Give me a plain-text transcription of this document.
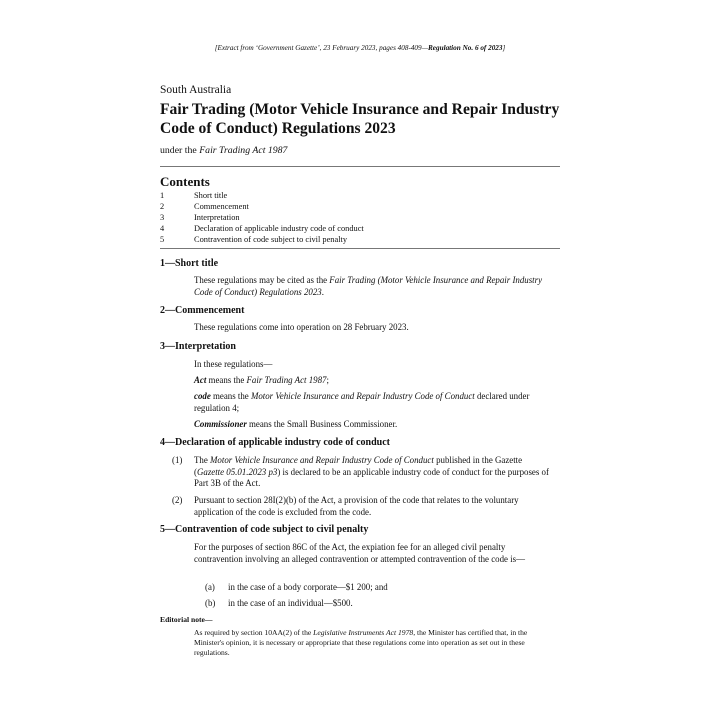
[Extract from ‘Government Gazette’, 23 February 2023, pages 408-409—Regulation No. 6 of 2023]
South Australia
Fair Trading (Motor Vehicle Insurance and Repair Industry Code of Conduct) Regulations 2023
under the Fair Trading Act 1987
Contents
1	Short title
2	Commencement
3	Interpretation
4	Declaration of applicable industry code of conduct
5	Contravention of code subject to civil penalty
1—Short title
These regulations may be cited as the Fair Trading (Motor Vehicle Insurance and Repair Industry Code of Conduct) Regulations 2023.
2—Commencement
These regulations come into operation on 28 February 2023.
3—Interpretation
In these regulations—
Act means the Fair Trading Act 1987;
code means the Motor Vehicle Insurance and Repair Industry Code of Conduct declared under regulation 4;
Commissioner means the Small Business Commissioner.
4—Declaration of applicable industry code of conduct
(1) The Motor Vehicle Insurance and Repair Industry Code of Conduct published in the Gazette (Gazette 05.01.2023 p3) is declared to be an applicable industry code of conduct for the purposes of Part 3B of the Act.
(2) Pursuant to section 28I(2)(b) of the Act, a provision of the code that relates to the voluntary application of the code is excluded from the code.
5—Contravention of code subject to civil penalty
For the purposes of section 86C of the Act, the expiation fee for an alleged civil penalty contravention involving an alleged contravention or attempted contravention of the code is—
(a) in the case of a body corporate—$1 200; and
(b) in the case of an individual—$500.
Editorial note—
As required by section 10AA(2) of the Legislative Instruments Act 1978, the Minister has certified that, in the Minister's opinion, it is necessary or appropriate that these regulations come into operation as set out in these regulations.
